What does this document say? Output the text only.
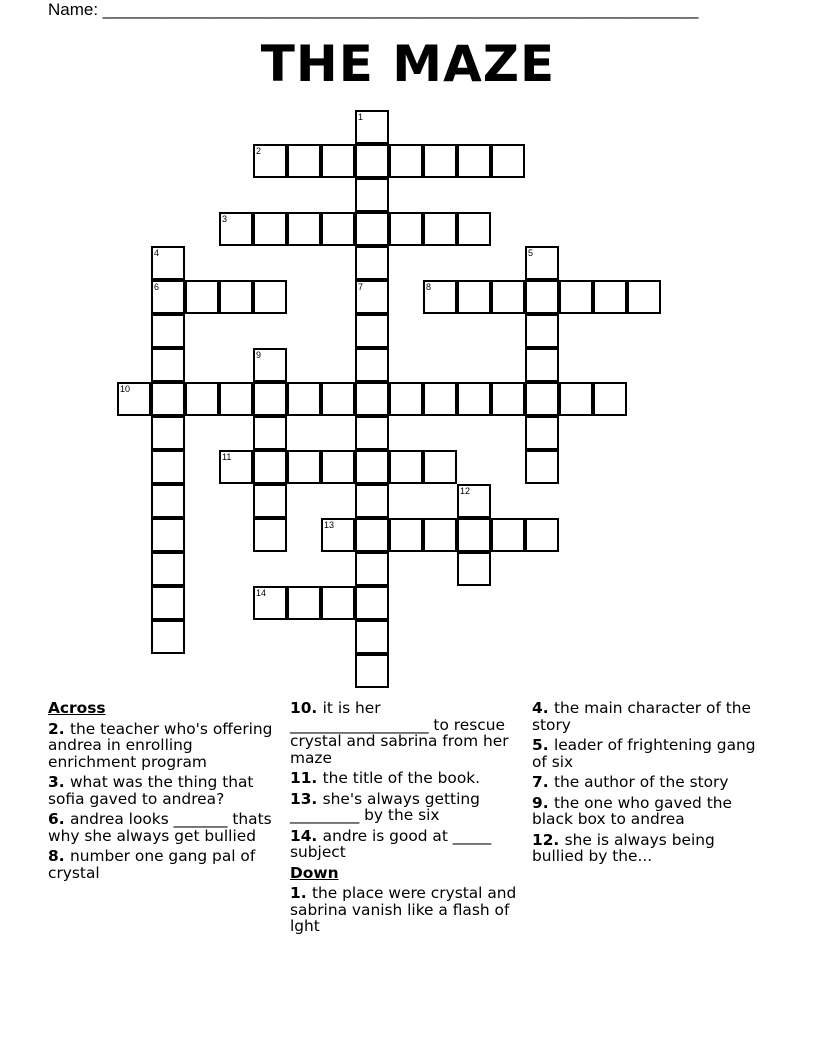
Name: _______________________________________________________________
THE MAZE
1
7
2
3
4
6
5
8
9
10
11
12
13
14
Across
2. the teacher who's offering andrea in enrolling enrichment program
3. what was the thing that sofia gaved to andrea?
6. andrea looks _______ thats why she always get bullied
8. number one gang pal of crystal
10. it is her __________________ to rescue crystal and sabrina from her maze
11. the title of the book.
13. she's always getting _________ by the six
14. andre is good at _____ subject
Down
1. the place were crystal and sabrina vanish like a flash of lght
4. the main character of the story
5. leader of frightening gang of six
7. the author of the story
9. the one who gaved the black box to andrea
12. she is always being bullied by the...
